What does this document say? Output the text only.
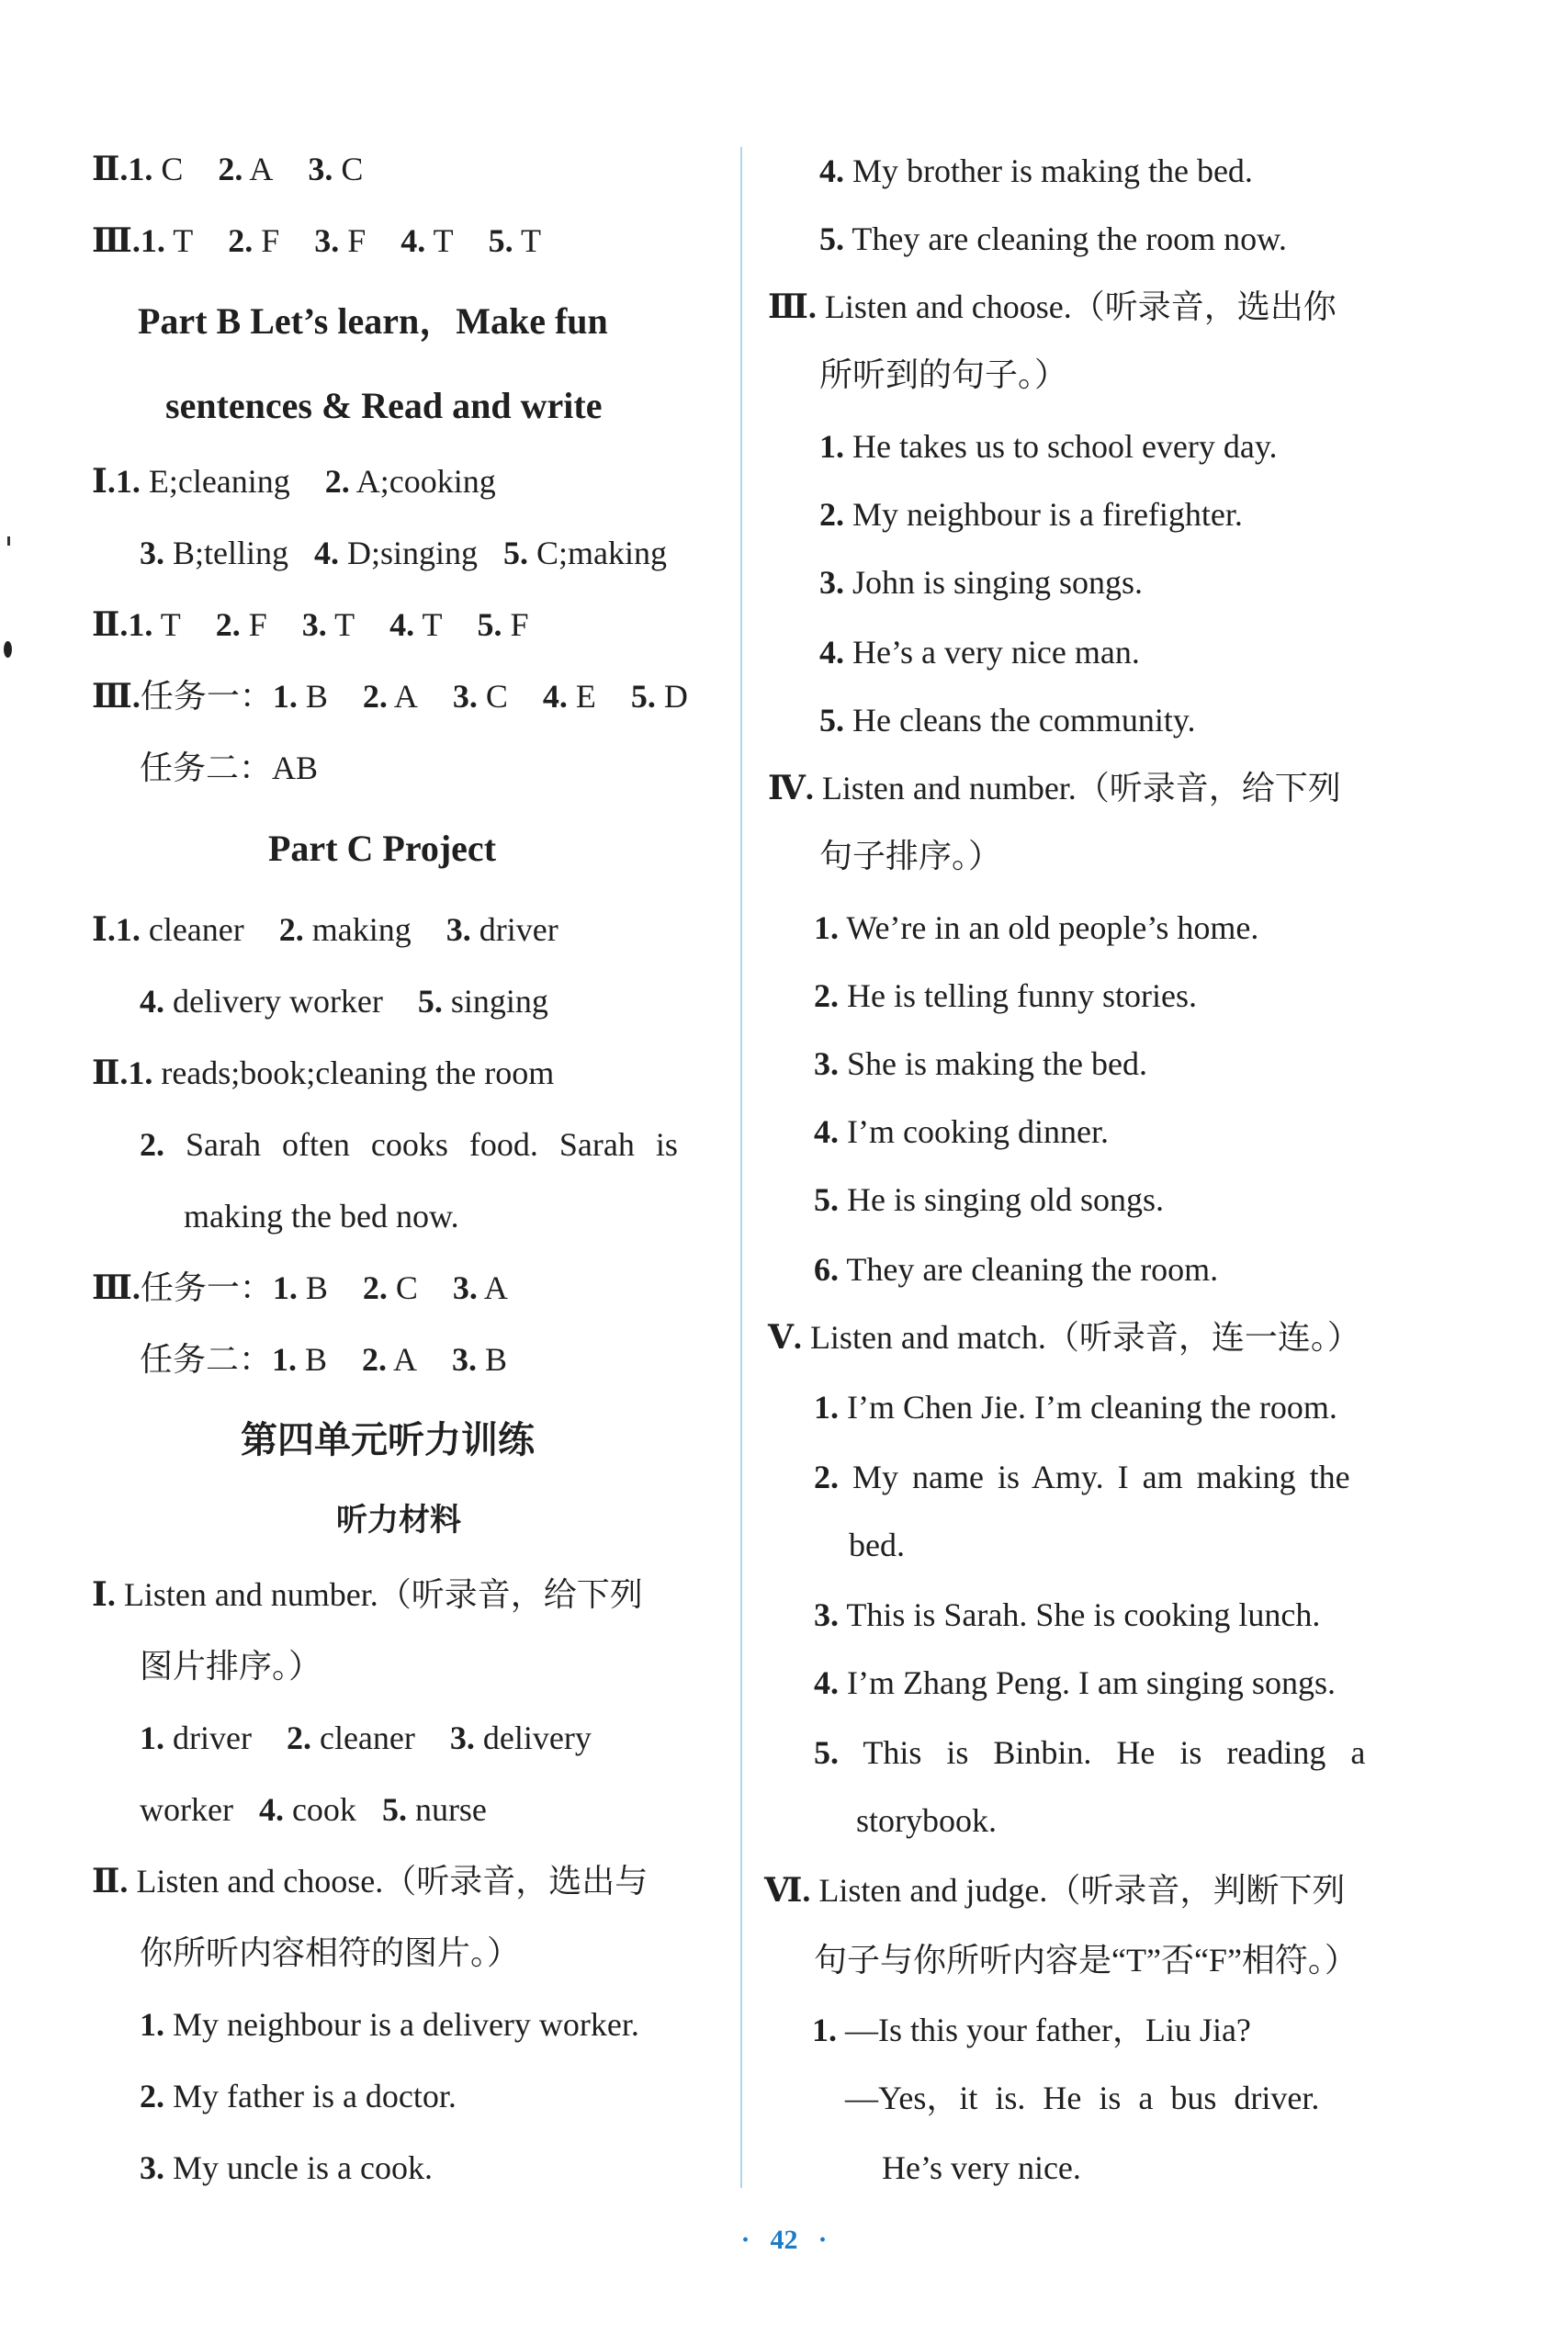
Ⅱ.1. C 2. A 3. C
Ⅲ.1. T 2. F 3. F 4. T 5. T
Part B Let’s learn，Make fun
sentences & Read and write
Ⅰ.1. E;cleaning 2. A;cooking
3. B;telling 4. D;singing 5. C;making
Ⅱ.1. T 2. F 3. T 4. T 5. F
Ⅲ.任务一：1. B 2. A 3. C 4. E 5. D
任务二：AB
Part C Project
Ⅰ.1. cleaner 2. making 3. driver
4. delivery worker 5. singing
Ⅱ.1. reads;book;cleaning the room
2. Sarah often cooks food. Sarah is
making the bed now.
Ⅲ.任务一：1. B 2. C 3. A
任务二：1. B 2. A 3. B
第四单元听力训练
听力材料
Ⅰ. Listen and number.（听录音，给下列
图片排序。）
1. driver 2. cleaner 3. delivery
worker 4. cook 5. nurse
Ⅱ. Listen and choose.（听录音，选出与
你所听内容相符的图片。）
1. My neighbour is a delivery worker.
2. My father is a doctor.
3. My uncle is a cook.
4. My brother is making the bed.
5. They are cleaning the room now.
Ⅲ. Listen and choose.（听录音，选出你
所听到的句子。）
1. He takes us to school every day.
2. My neighbour is a firefighter.
3. John is singing songs.
4. He’s a very nice man.
5. He cleans the community.
Ⅳ. Listen and number.（听录音，给下列
句子排序。）
1. We’re in an old people’s home.
2. He is telling funny stories.
3. She is making the bed.
4. I’m cooking dinner.
5. He is singing old songs.
6. They are cleaning the room.
Ⅴ. Listen and match.（听录音，连一连。）
1. I’m Chen Jie. I’m cleaning the room.
2. My name is Amy. I am making the
bed.
3. This is Sarah. She is cooking lunch.
4. I’m Zhang Peng. I am singing songs.
5. This is Binbin. He is reading a
storybook.
Ⅵ. Listen and judge.（听录音，判断下列
句子与你所听内容是“T”否“F”相符。）
1. —Is this your father，Liu Jia?
—Yes，it is. He is a bus driver.
He’s very nice.
· 42 ·
